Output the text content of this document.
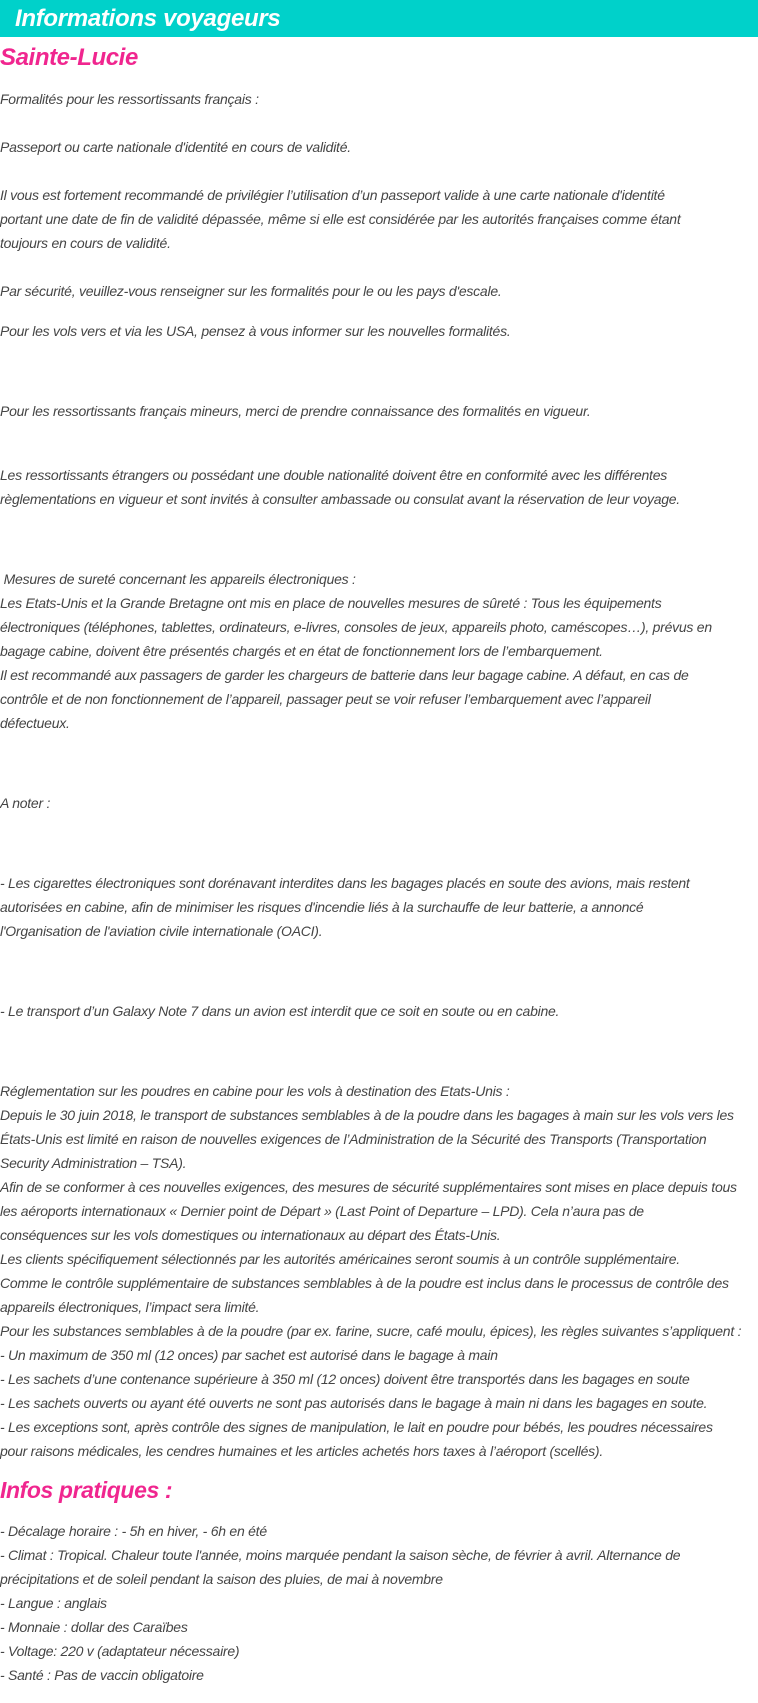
Informations voyageurs
Sainte-Lucie
Formalités pour les ressortissants français :
Passeport ou carte nationale d'identité en cours de validité.
Il vous est fortement recommandé de privilégier l’utilisation d’un passeport valide à une carte nationale d'identité
portant une date de fin de validité dépassée, même si elle est considérée par les autorités françaises comme étant
toujours en cours de validité.
Par sécurité, veuillez-vous renseigner sur les formalités pour le ou les pays d'escale.
Pour les vols vers et via les USA, pensez à vous informer sur les nouvelles formalités.
Pour les ressortissants français mineurs, merci de prendre connaissance des formalités en vigueur.
Les ressortissants étrangers ou possédant une double nationalité doivent être en conformité avec les différentes
règlementations en vigueur et sont invités à consulter ambassade ou consulat avant la réservation de leur voyage.
Mesures de sureté concernant les appareils électroniques :
Les Etats-Unis et la Grande Bretagne ont mis en place de nouvelles mesures de sûreté : Tous les équipements
électroniques (téléphones, tablettes, ordinateurs, e-livres, consoles de jeux, appareils photo, caméscopes…), prévus en
bagage cabine, doivent être présentés chargés et en état de fonctionnement lors de l’embarquement.
Il est recommandé aux passagers de garder les chargeurs de batterie dans leur bagage cabine. A défaut, en cas de
contrôle et de non fonctionnement de l’appareil, passager peut se voir refuser l’embarquement avec l’appareil
défectueux.
A noter :
- Les cigarettes électroniques sont dorénavant interdites dans les bagages placés en soute des avions, mais restent
autorisées en cabine, afin de minimiser les risques d'incendie liés à la surchauffe de leur batterie, a annoncé
l'Organisation de l'aviation civile internationale (OACI).
- Le transport d’un Galaxy Note 7 dans un avion est interdit que ce soit en soute ou en cabine.
Réglementation sur les poudres en cabine pour les vols à destination des Etats-Unis :
Depuis le 30 juin 2018, le transport de substances semblables à de la poudre dans les bagages à main sur les vols vers les
États-Unis est limité en raison de nouvelles exigences de l’Administration de la Sécurité des Transports (Transportation
Security Administration – TSA).
Afin de se conformer à ces nouvelles exigences, des mesures de sécurité supplémentaires sont mises en place depuis tous
les aéroports internationaux « Dernier point de Départ » (Last Point of Departure – LPD). Cela n’aura pas de
conséquences sur les vols domestiques ou internationaux au départ des États-Unis.
Les clients spécifiquement sélectionnés par les autorités américaines seront soumis à un contrôle supplémentaire.
Comme le contrôle supplémentaire de substances semblables à de la poudre est inclus dans le processus de contrôle des
appareils électroniques, l’impact sera limité.
Pour les substances semblables à de la poudre (par ex. farine, sucre, café moulu, épices), les règles suivantes s’appliquent :
- Un maximum de 350 ml (12 onces) par sachet est autorisé dans le bagage à main
- Les sachets d’une contenance supérieure à 350 ml (12 onces) doivent être transportés dans les bagages en soute
- Les sachets ouverts ou ayant été ouverts ne sont pas autorisés dans le bagage à main ni dans les bagages en soute.
- Les exceptions sont, après contrôle des signes de manipulation, le lait en poudre pour bébés, les poudres nécessaires
pour raisons médicales, les cendres humaines et les articles achetés hors taxes à l’aéroport (scellés).
Infos pratiques :
- Décalage horaire : - 5h en hiver, - 6h en été
- Climat : Tropical. Chaleur toute l'année, moins marquée pendant la saison sèche, de février à avril. Alternance de
précipitations et de soleil pendant la saison des pluies, de mai à novembre
- Langue : anglais
- Monnaie : dollar des Caraïbes
- Voltage: 220 v (adaptateur nécessaire)
- Santé : Pas de vaccin obligatoire
